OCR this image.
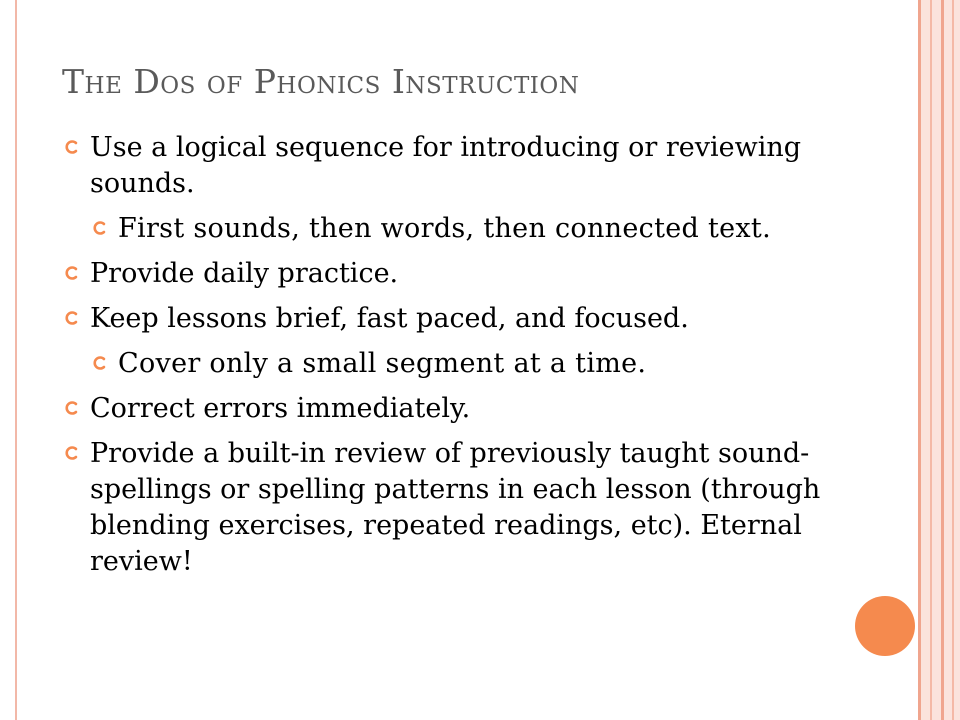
The Dos of Phonics Instruction
Use a logical sequence for introducing or reviewing sounds.
First sounds, then words, then connected text.
Provide daily practice.
Keep lessons brief, fast paced, and focused.
Cover only a small segment at a time.
Correct errors immediately.
Provide a built-in review of previously taught sound-spellings or spelling patterns in each lesson (through blending exercises, repeated readings, etc). Eternal review!
